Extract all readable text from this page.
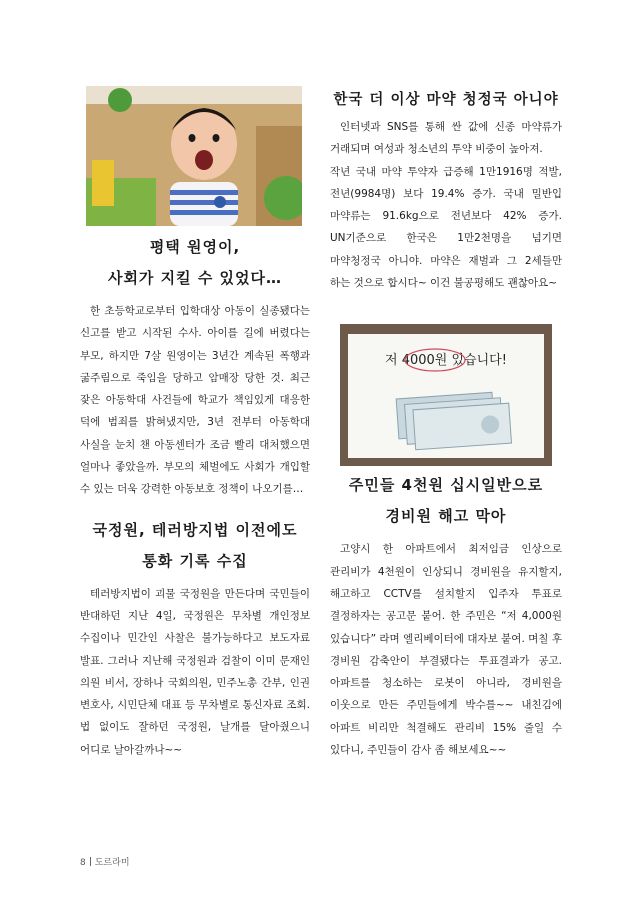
평택 원영이,
사회가 지킬 수 있었다…

한 초등학교로부터 입학대상 아동이 실종됐다는 신고를 받고 시작된 수사. 아이를 길에 버렸다는 부모, 하지만 7살 원영이는 3년간 계속된 폭행과 굶주림으로 죽임을 당하고 암매장 당한 것. 최근 잦은 아동학대 사건들에 학교가 책임있게 대응한 덕에 범죄를 밝혀냈지만, 3년 전부터 아동학대 사실을 눈치 챈 아동센터가 조금 빨리 대처했으면 얼마나 좋았을까. 부모의 체벌에도 사회가 개입할 수 있는 더욱 강력한 아동보호 정책이 나오기를…

국정원, 테러방지법 이전에도
통화 기록 수집

테러방지법이 괴물 국정원을 만든다며 국민들이 반대하던 지난 4일, 국정원은 무차별 개인정보 수집이나 민간인 사찰은 불가능하다고 보도자료 발표. 그러나 지난해 국정원과 검찰이 이미 문재인 의원 비서, 장하나 국회의원, 민주노총 간부, 인권 변호사, 시민단체 대표 등 무차별로 통신자료 조회. 법 없이도 잘하던 국정원, 날개를 달아줬으니 어디로 날아갈까나~~

한국 더 이상 마약 청정국 아니야

인터넷과 SNS를 통해 싼 값에 신종 마약류가 거래되며 여성과 청소년의 투약 비중이 높아져.

작년 국내 마약 투약자 급증해 1만1916명 적발, 전년(9984명) 보다 19.4% 증가. 국내 밀반입 마약류는 91.6kg으로 전년보다 42% 증가. UN기준으로 한국은 1만2천명을 넘기면 마약청정국 아니야. 마약은 재벌과 그 2세들만 하는 것으로 합시다~ 이건 불공평해도 괜찮아요~

저 4000원 있습니다!
주민들 4천원 십시일반으로
경비원 해고 막아

고양시 한 아파트에서 최저임금 인상으로 관리비가 4천원이 인상되니 경비원을 유지할지, 해고하고 CCTV를 설치할지 입주자 투표로 결정하자는 공고문 붙어. 한 주민은 “저 4,000원 있습니다” 라며 엘리베이터에 대자보 붙여. 며칠 후 경비원 감축안이 부결됐다는 투표결과가 공고. 아파트를 청소하는 로봇이 아니라, 경비원을 이웃으로 만든 주민들에게 박수를~~ 내친김에 아파트 비리만 척결해도 관리비 15% 줄일 수 있다니, 주민들이 감사 좀 해보세요~~

8 도르라미
